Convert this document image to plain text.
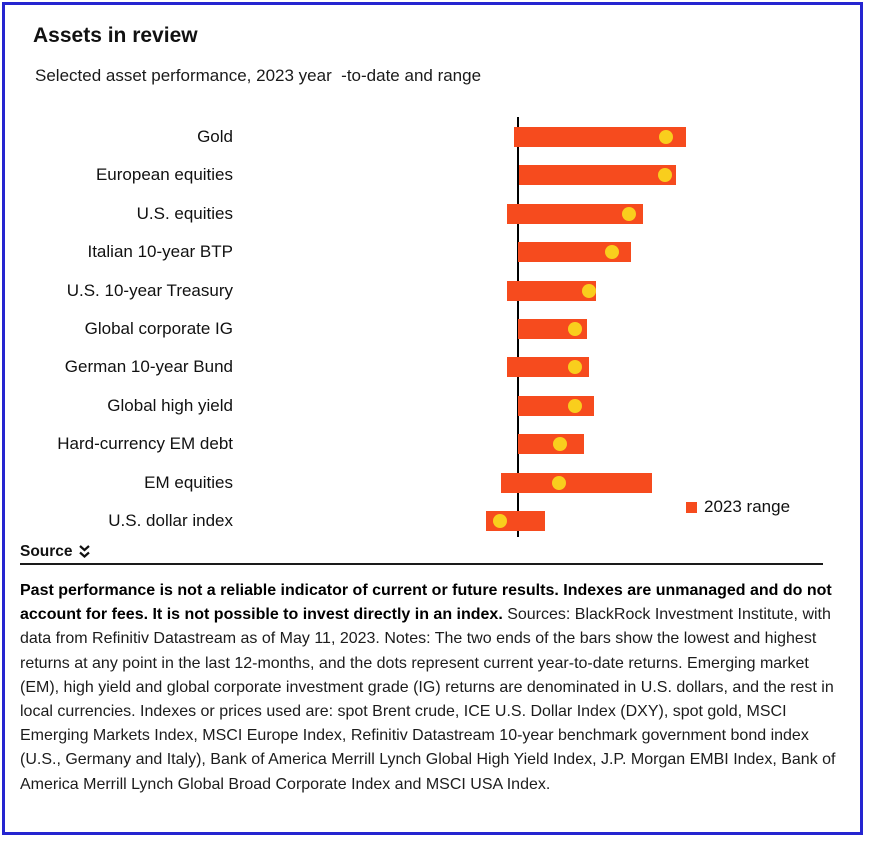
Assets in review
Selected asset performance, 2023 year  -to-date and range
Gold
European equities
U.S. equities
Italian 10-year BTP
U.S. 10-year Treasury
Global corporate IG
German 10-year Bund
Global high yield
Hard-currency EM debt
EM equities
U.S. dollar index
2023 range
Source
Past performance is not a reliable indicator of current or future results. Indexes are unmanaged and do not account for fees. It is not possible to invest directly in an index. Sources: BlackRock Investment Institute, with data from Refinitiv Datastream as of May 11, 2023. Notes: The two ends of the bars show the lowest and highest returns at any point in the last 12-months, and the dots represent current year-to-date returns. Emerging market (EM), high yield and global corporate investment grade (IG) returns are denominated in U.S. dollars, and the rest in local currencies. Indexes or prices used are: spot Brent crude, ICE U.S. Dollar Index (DXY), spot gold, MSCI Emerging Markets Index, MSCI Europe Index, Refinitiv Datastream 10-year benchmark government bond index (U.S., Germany and Italy), Bank of America Merrill Lynch Global High Yield Index, J.P. Morgan EMBI Index, Bank of America Merrill Lynch Global Broad Corporate Index and MSCI USA Index.
